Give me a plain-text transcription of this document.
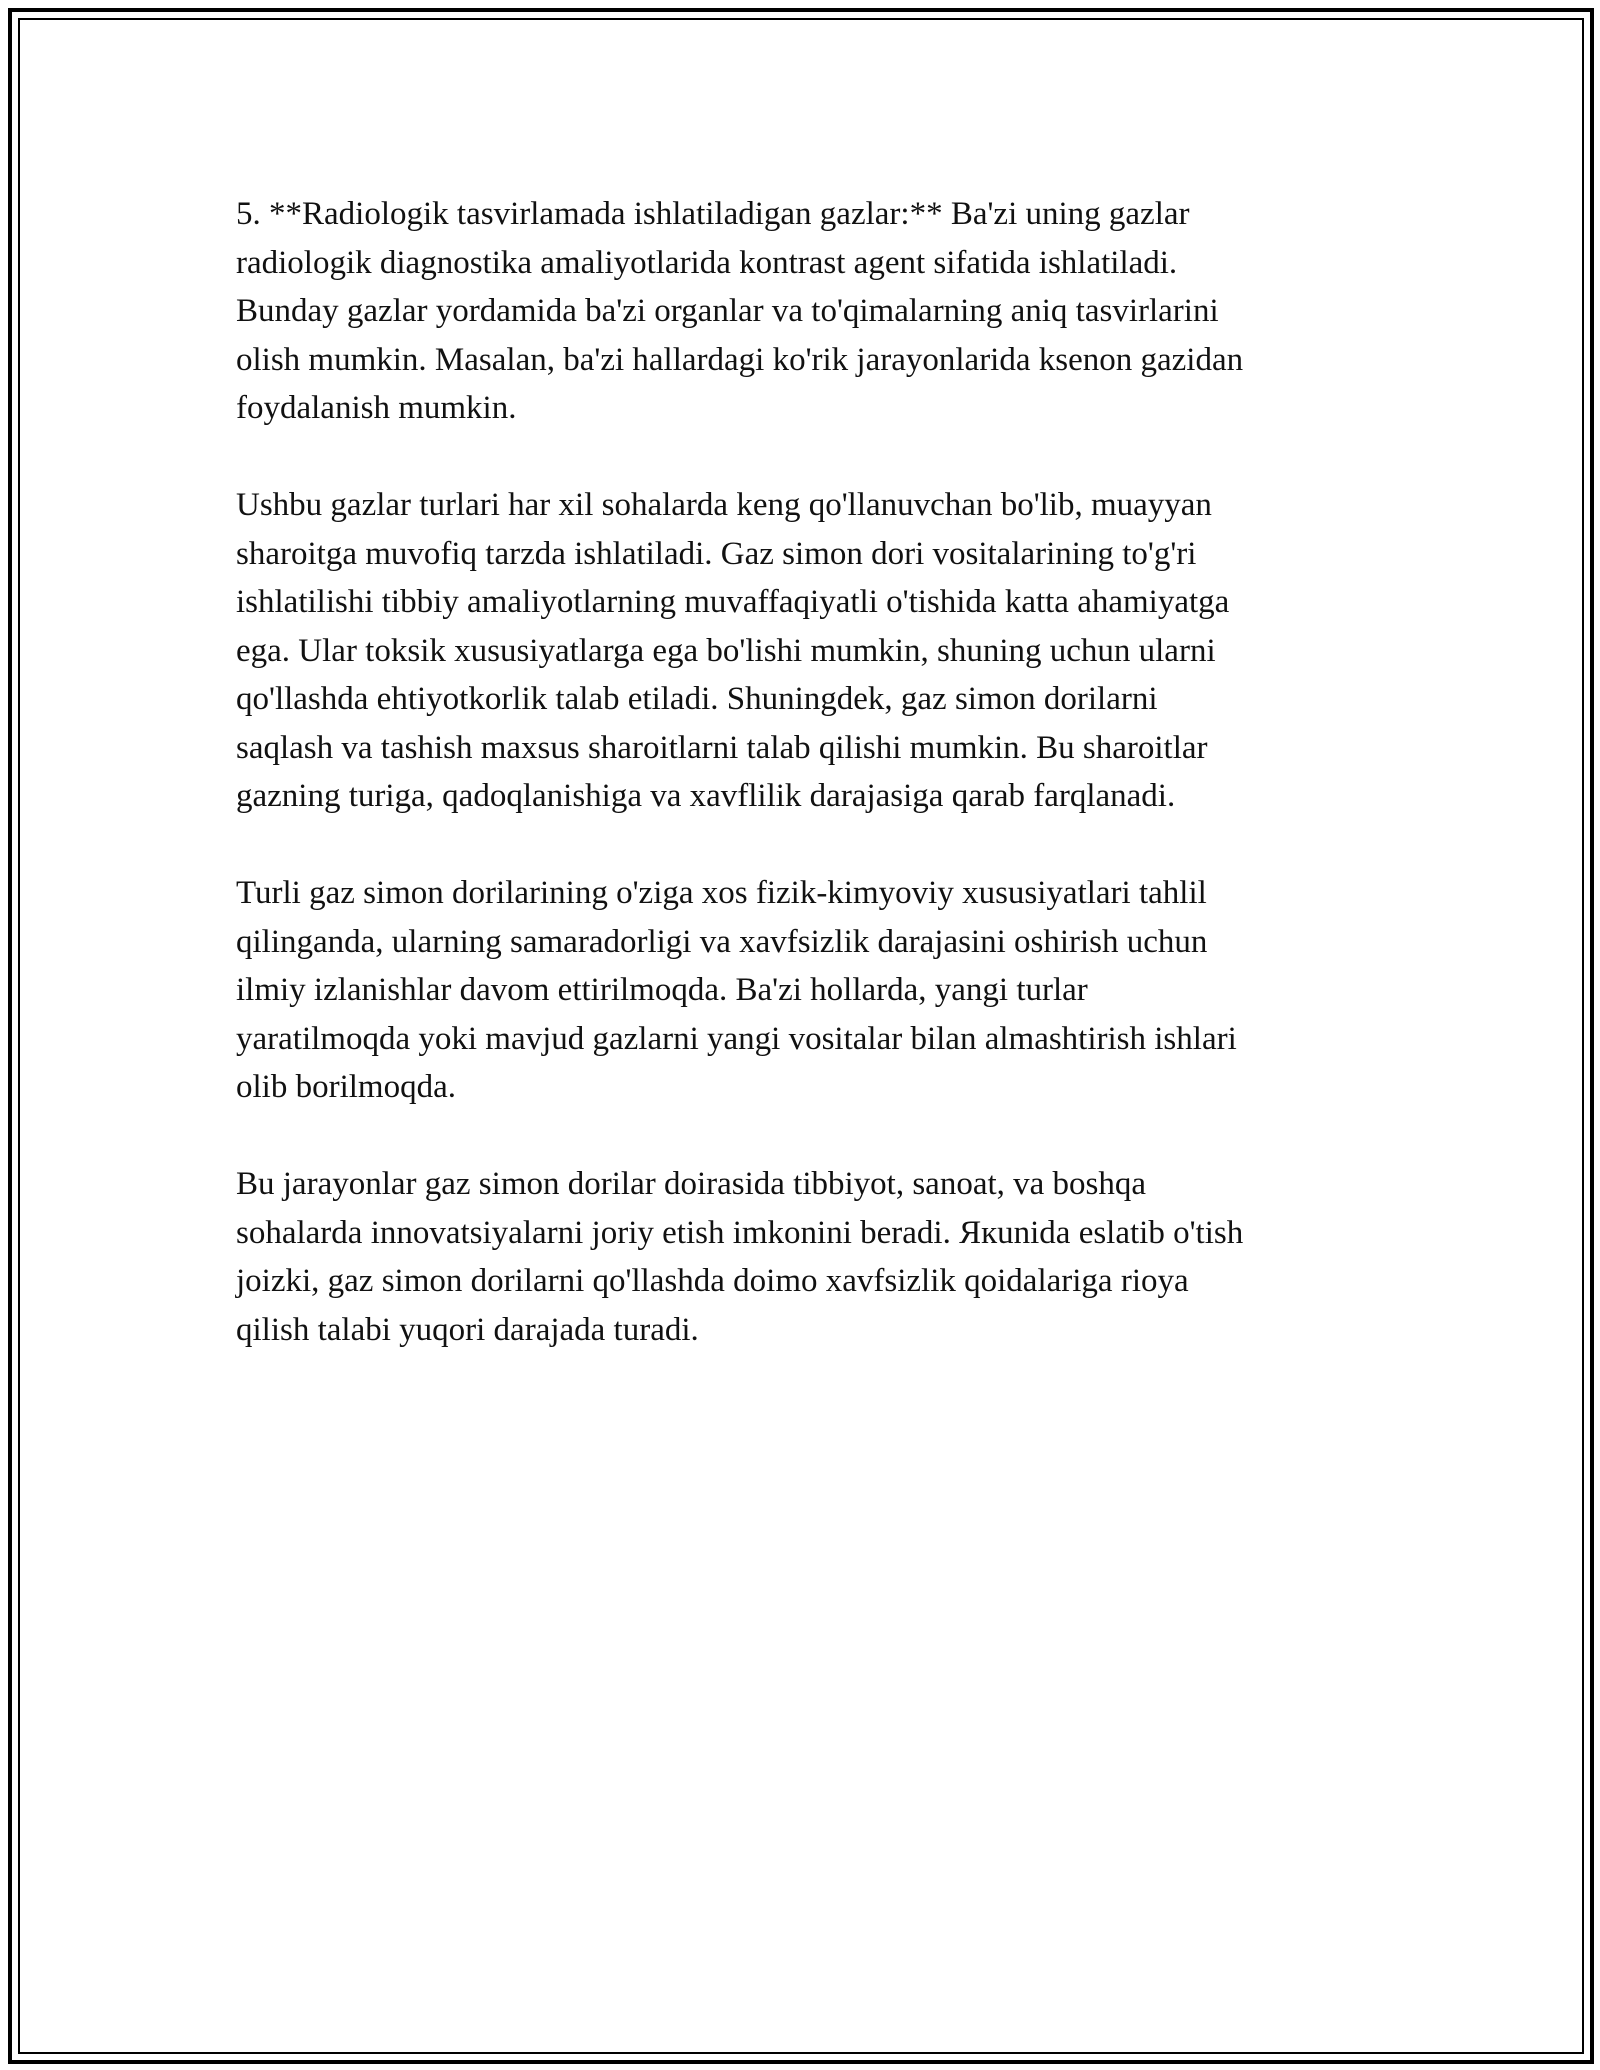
5. **Radiologik tasvirlamada ishlatiladigan gazlar:** Ba'zi uning gazlar
radiologik diagnostika amaliyotlarida kontrast agent sifatida ishlatiladi.
Bunday gazlar yordamida ba'zi organlar va to'qimalarning aniq tasvirlarini
olish mumkin. Masalan, ba'zi hallardagi ko'rik jarayonlarida ksenon gazidan
foydalanish mumkin.

Ushbu gazlar turlari har xil sohalarda keng qo'llanuvchan bo'lib, muayyan
sharoitga muvofiq tarzda ishlatiladi. Gaz simon dori vositalarining to'g'ri
ishlatilishi tibbiy amaliyotlarning muvaffaqiyatli o'tishida katta ahamiyatga
ega. Ular toksik xususiyatlarga ega bo'lishi mumkin, shuning uchun ularni
qo'llashda ehtiyotkorlik talab etiladi. Shuningdek, gaz simon dorilarni
saqlash va tashish maxsus sharoitlarni talab qilishi mumkin. Bu sharoitlar
gazning turiga, qadoqlanishiga va xavflilik darajasiga qarab farqlanadi.

Turli gaz simon dorilarining o'ziga xos fizik-kimyoviy xususiyatlari tahlil
qilinganda, ularning samaradorligi va xavfsizlik darajasini oshirish uchun
ilmiy izlanishlar davom ettirilmoqda. Ba'zi hollarda, yangi turlar
yaratilmoqda yoki mavjud gazlarni yangi vositalar bilan almashtirish ishlari
olib borilmoqda.

Bu jarayonlar gaz simon dorilar doirasida tibbiyot, sanoat, va boshqa
sohalarda innovatsiyalarni joriy etish imkonini beradi. Якunida eslatib o'tish
joizki, gaz simon dorilarni qo'llashda doimo xavfsizlik qoidalariga rioya
qilish talabi yuqori darajada turadi.
